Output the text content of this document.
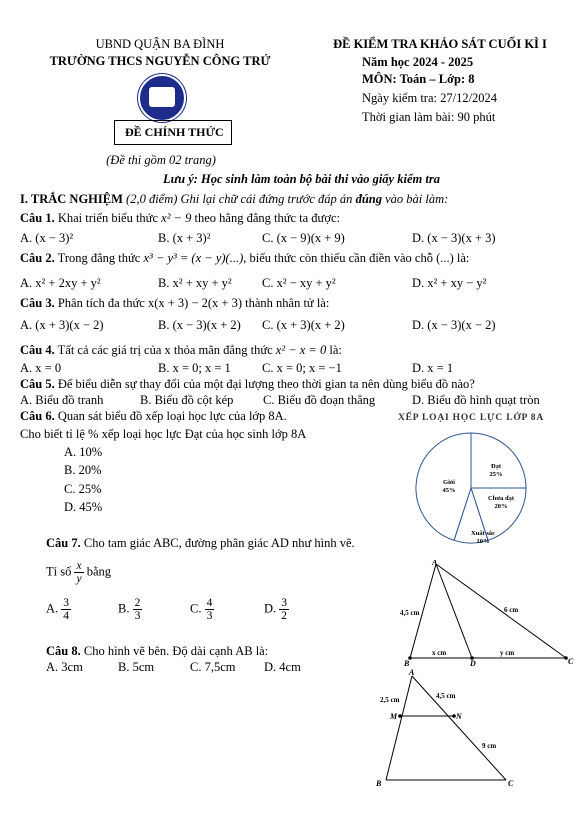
UBND QUẬN BA ĐÌNH
TRƯỜNG THCS NGUYỄN CÔNG TRỨ
ĐỀ CHÍNH THỨC
(Đề thi gồm 02 trang)
ĐỀ KIỂM TRA KHẢO SÁT CUỐI KÌ I
Năm học 2024 - 2025
MÔN: Toán – Lớp: 8
Ngày kiểm tra: 27/12/2024
Thời gian làm bài: 90 phút
Lưu ý: Học sinh làm toàn bộ bài thi vào giấy kiểm tra
I. TRẮC NGHIỆM (2,0 điểm) Ghi lại chữ cái đứng trước đáp án đúng vào bài làm:
Câu 1. Khai triển biểu thức x² − 9 theo hằng đẳng thức ta được:
A. (x − 3)²	B. (x + 3)²	C. (x − 9)(x + 9)	D. (x − 3)(x + 3)
Câu 2. Trong đẳng thức x³ − y³ = (x − y)(...), biểu thức còn thiếu cần điền vào chỗ (...) là:
A. x² + 2xy + y²	B. x² + xy + y² C. x² − xy + y²	D. x² + xy − y²
Câu 3. Phân tích đa thức x(x + 3) − 2(x + 3) thành nhân tử là:
A. (x + 3)(x − 2)	B. (x − 3)(x + 2) C. (x + 3)(x + 2)	D. (x − 3)(x − 2)
Câu 4. Tất cả các giá trị của x thỏa mãn đẳng thức x² − x = 0 là:
A. x = 0	B. x = 0; x = 1 C. x = 0; x = −1	D. x = 1
Câu 5. Để biểu diễn sự thay đổi của một đại lượng theo thời gian ta nên dùng biểu đồ nào?
A. Biểu đồ tranh	B. Biểu đồ cột kép C. Biểu đồ đoạn thẳng	D. Biểu đồ hình quạt tròn
Câu 6. Quan sát biểu đồ xếp loại học lực của lớp 8A.
Cho biết tỉ lệ % xếp loại học lực Đạt của học sinh lớp 8A
A. 10%
B. 20%
C. 25%
D. 45%
XẾP LOẠI HỌC LỰC LỚP 8A
Giỏi
45%
Đạt
25%
Chưa đạt
20%
Xuất sắc
10%
Câu 7. Cho tam giác ABC, đường phân giác AD như hình vẽ.
Tỉ số $\frac{x}{y}$ bằng
A. $\frac{3}{4}$	B. $\frac{2}{3}$	C. $\frac{4}{3}$	D. $\frac{3}{2}$
A
B	D	C
4,5 cm	6 cm
x cm	y cm
Câu 8. Cho hình vẽ bên. Độ dài cạnh AB là:
A. 3cm	B. 5cm	C. 7,5cm D. 4cm	A
M	N
B	C
2,5 cm	4,5 cm
9 cm
